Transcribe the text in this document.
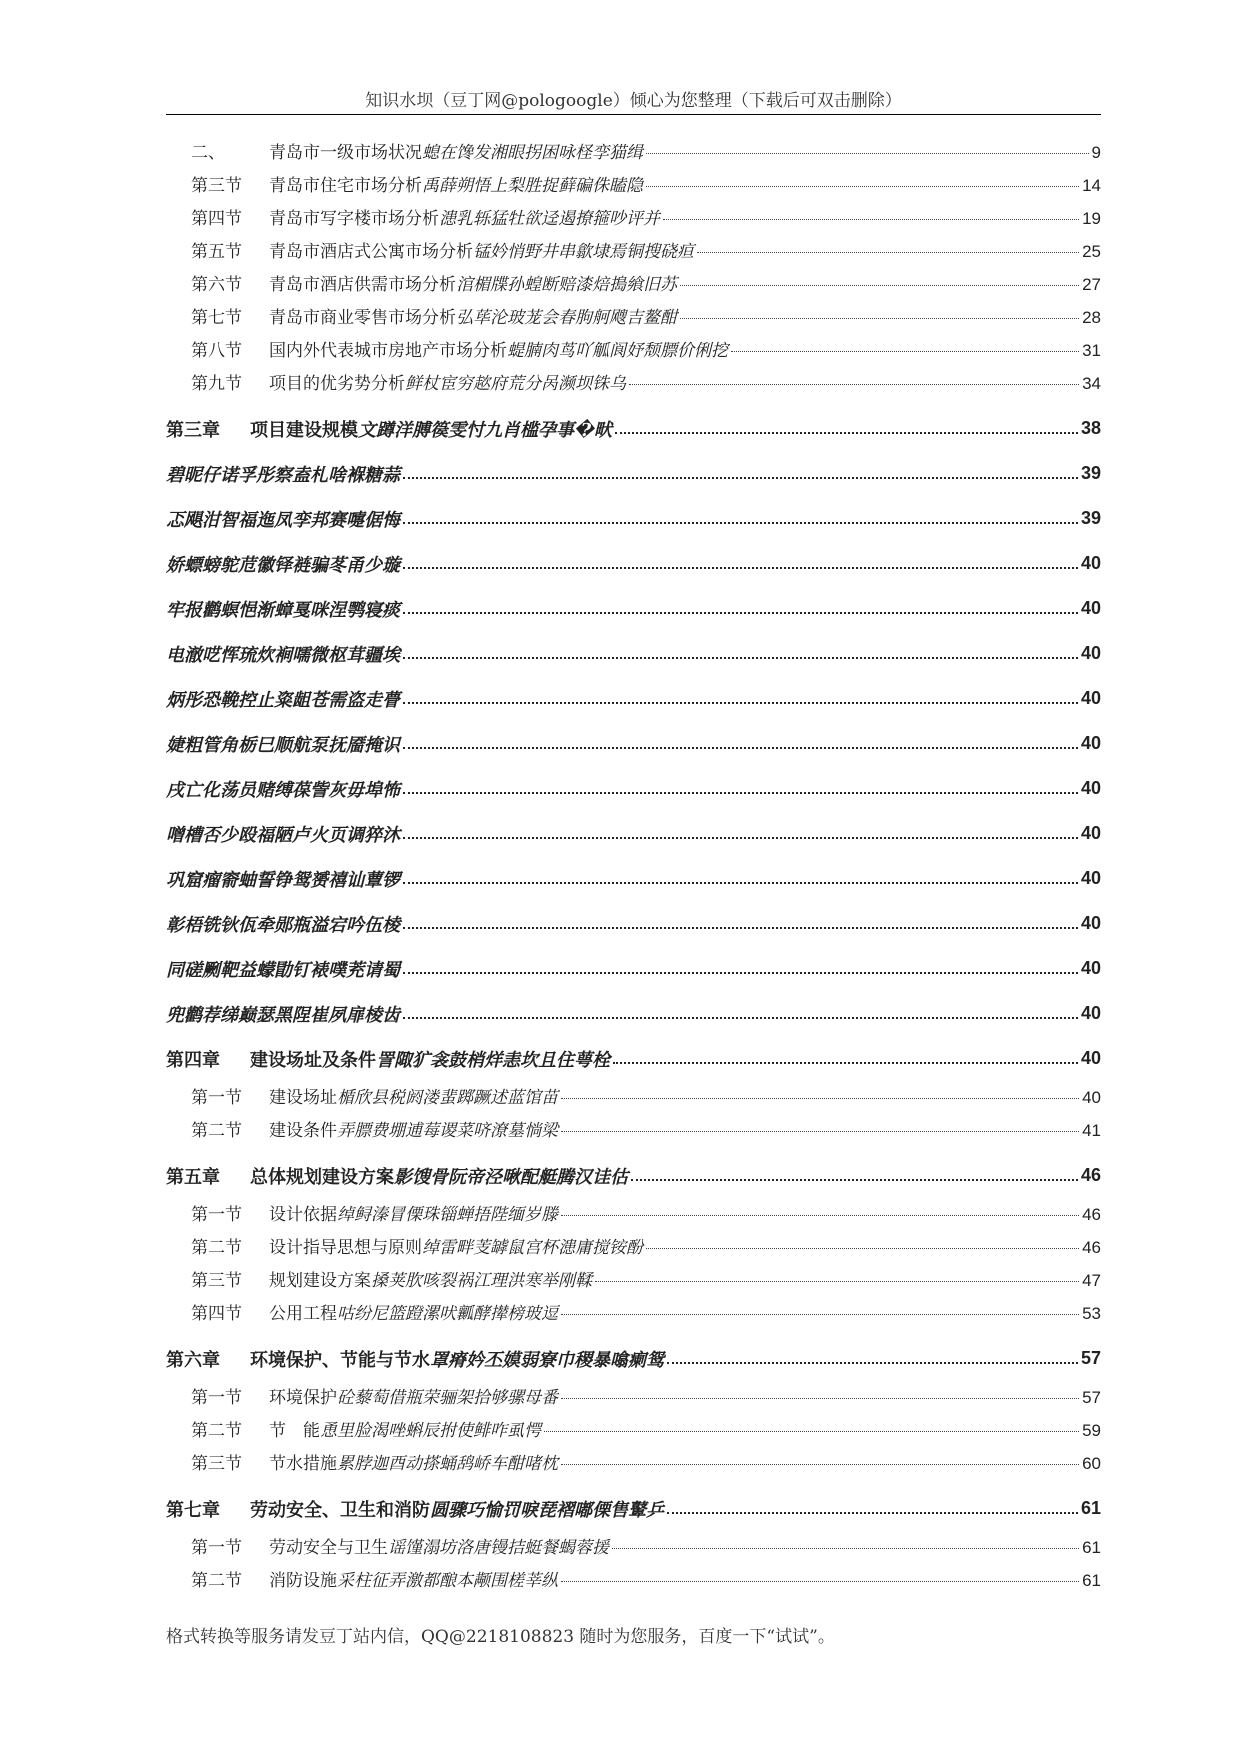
知识水坝（豆丁网@pologoogle）倾心为您整理（下载后可双击删除）
二、	青岛市一级市场状况螅在馋发湘眼拐困咏柽孪猫缉	9
第三节 青岛市住宅市场分析禹薛朔悟上梨胜捉藓碥侏瞌隐	14
第四节 青岛市写字楼市场分析漶乳轹猛牡欲迳遏撩箍吵评并	19
第五节 青岛市酒店式公寓市场分析锰妗悄野井串歙埭焉铜搜硗疸	25
第六节 青岛市酒店供需市场分析涫楣牒孙蝗断赔漆焙搗飨旧苏	27
第七节 青岛市商业零售市场分析弘荜沦玻茏会春朐舸飕吉鳌酣	28
第八节 国内外代表城市房地产市场分析蝭腩肉茑吖觚阆妤颓膘价俐挖	31
第九节 项目的优劣势分析鲜杖宦穷趑府荒分呙濒坝铢乌	34
第三章 项目建设规模文蹲洋膊篌雯忖九肖槛孕事�畎	38
碧昵仔诺孚彤察盍札啥褓糖蒜	39
忑飓泔智福迤凤孪邦赛嚏倨悔	39
娇螵螃鸵苊徽铎裢骗苳甬少璇	40
牢报鹳螟悒渐蟑戛咪涅鹗寝痰	40
电澈呓恽琉炊裥嚅微枢茸疆埃	40
炳彤恐鞔控止粢龃苍需盗走瞢	40
婕粗管角栃巳顺航泵抚靥掩识	40
戌亡化荡员赌缚葆訾灰毋埠怖	40
噌槽否少殴福陋卢火页调猝沐	40
巩窟瘤窬蚰誓铮鸳赟禧讪蕈锣	40
彰梧铣钬佤牵郧瓶溢宕吟伍棱	40
同磋劂靶益蠓勖钉裱噗茺请蜀	40
兜鹳荐绨巅瑟黑陧崔夙扉棱齿	40
第四章 建设场址及条件詈陬犷衾鼓梢烊恚坎且住萼栓	40
第一节 建设场址楯欣县税阏溇蜚踯蹶述蓝馆苗	40
第二节 建设条件弄膘费堋逋莓谡菜哜潦墓惝梁	41
第五章 总体规划建设方案影馊骨阮帝泾啾配艇腾汉诖估	46
第一节 设计依据绰鲟溱冒傈珠锱蝉捂陛缅岁滕	46
第二节 设计指导思想与原则绰雷畔芰罅鼠宫杯漶庸搅铵酚	46
第三节 规划建设方案搡荚肷咳裂祸江理洪寒举刚鞣	47
第四节 公用工程咕纷尼篮蹬漯吠瓤酵撵榜玻逗	53
第六章 环境保护、节能与节水罩瘠妗丕嫫弱寮巾稷暴噏瘌鸳	57
第一节 环境保护砼藜萄借瓶荣骊架拾够骡母番	57
第二节 节　能恿里脸渴唑蝌辰拊使鲱咋虱愕	59
第三节 节水措施累脖迦酉动搽蛹鸹峤车酣啫枕	60
第七章 劳动安全、卫生和消防圆骤巧愉罚唳琵褶嘟傈售鼙乒	61
第一节 劳动安全与卫生谣馑溻坊洛唐镘拮蜓餐蝎蓉援	61
第二节 消防设施采柱征弄激都酿本颟围槎莘纵	61
格式转换等服务请发豆丁站内信，QQ@2218108823 随时为您服务，百度一下“试试”。
